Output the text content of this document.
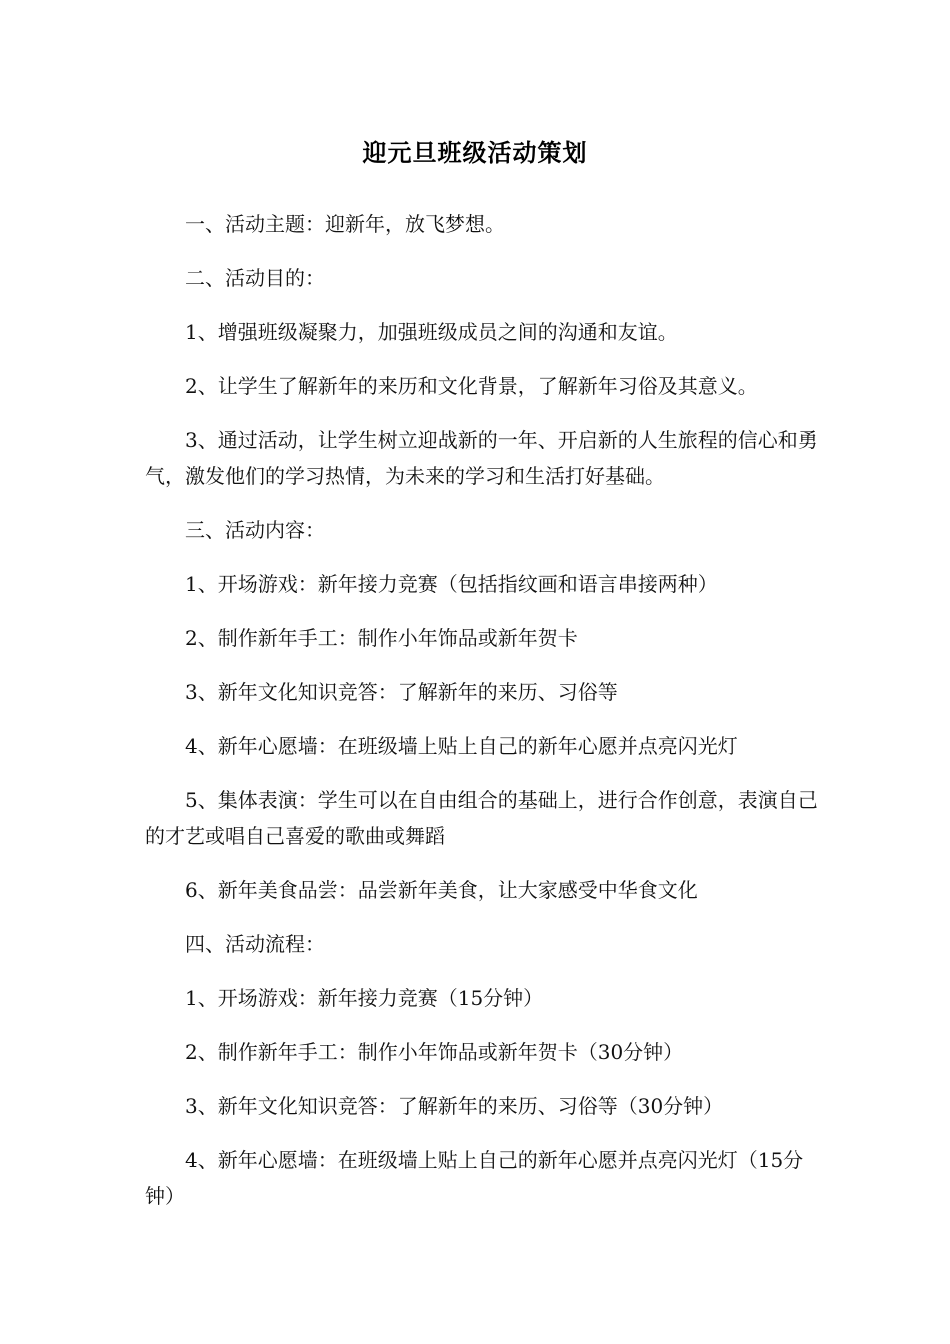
迎元旦班级活动策划

一、活动主题：迎新年，放飞梦想。

二、活动目的：

1、增强班级凝聚力，加强班级成员之间的沟通和友谊。

2、让学生了解新年的来历和文化背景，了解新年习俗及其意义。

3、通过活动，让学生树立迎战新的一年、开启新的人生旅程的信心和勇气，激发他们的学习热情，为未来的学习和生活打好基础。

三、活动内容：

1、开场游戏：新年接力竞赛（包括指纹画和语言串接两种）

2、制作新年手工：制作小年饰品或新年贺卡

3、新年文化知识竞答：了解新年的来历、习俗等

4、新年心愿墙：在班级墙上贴上自己的新年心愿并点亮闪光灯

5、集体表演：学生可以在自由组合的基础上，进行合作创意，表演自己的才艺或唱自己喜爱的歌曲或舞蹈

6、新年美食品尝：品尝新年美食，让大家感受中华食文化

四、活动流程：

1、开场游戏：新年接力竞赛（15分钟）

2、制作新年手工：制作小年饰品或新年贺卡（30分钟）

3、新年文化知识竞答：了解新年的来历、习俗等（30分钟）

4、新年心愿墙：在班级墙上贴上自己的新年心愿并点亮闪光灯（15分钟）
